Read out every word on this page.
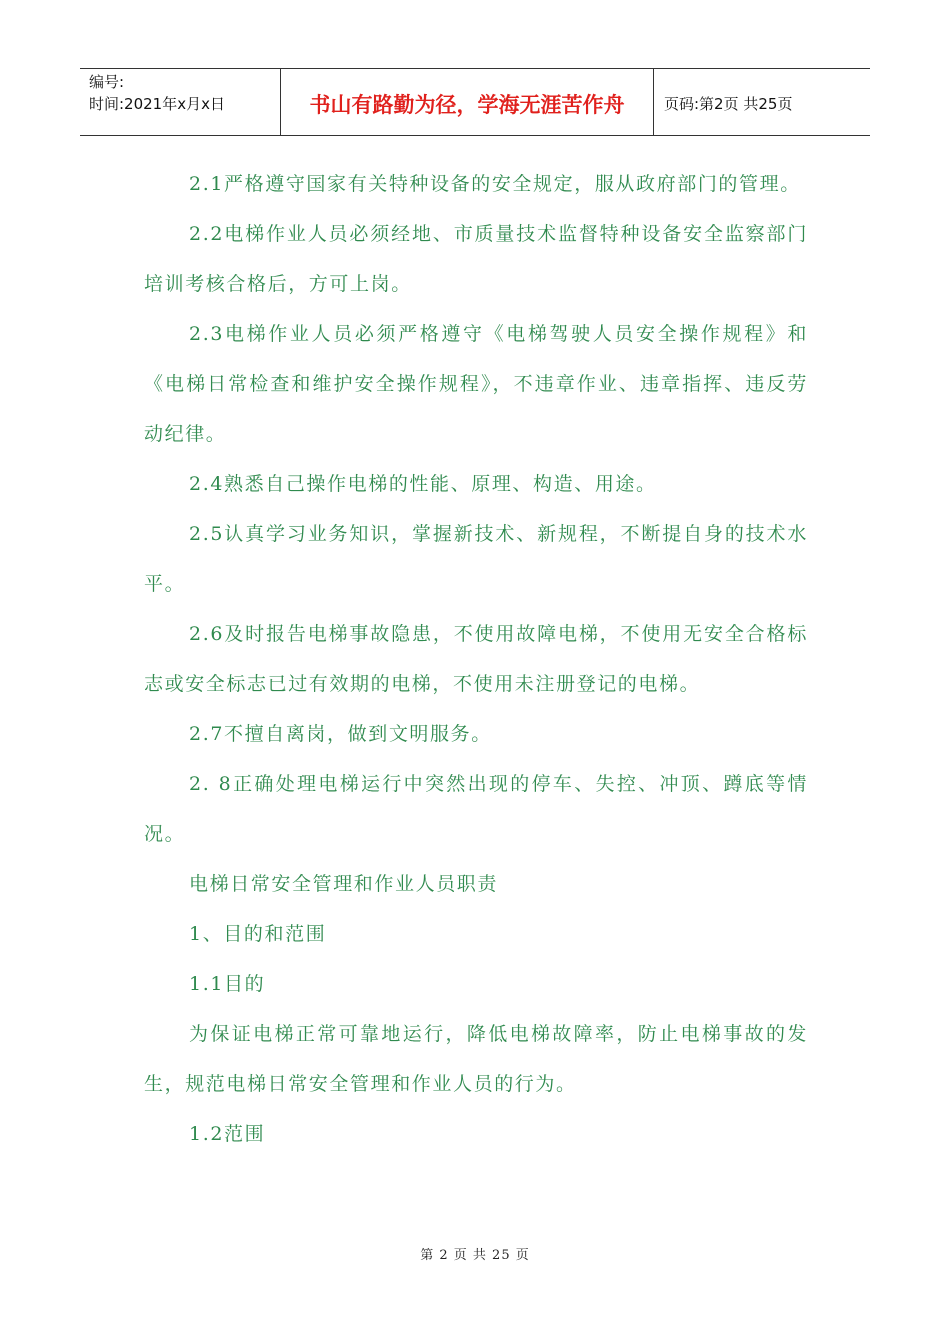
编号:
时间:2021年x月x日	书山有路勤为径，学海无涯苦作舟	页码:第2页 共25页

2.1严格遵守国家有关特种设备的安全规定，服从政府部门的管理。

2.2电梯作业人员必须经地、市质量技术监督特种设备安全监察部门培训考核合格后，方可上岗。

2.3电梯作业人员必须严格遵守《电梯驾驶人员安全操作规程》和《电梯日常检查和维护安全操作规程》，不违章作业、违章指挥、违反劳动纪律。

2.4熟悉自己操作电梯的性能、原理、构造、用途。

2.5认真学习业务知识，掌握新技术、新规程，不断提自身的技术水平。

2.6及时报告电梯事故隐患，不使用故障电梯，不使用无安全合格标志或安全标志已过有效期的电梯，不使用未注册登记的电梯。

2.7不擅自离岗，做到文明服务。

2. 8正确处理电梯运行中突然出现的停车、失控、冲顶、蹲底等情况。

电梯日常安全管理和作业人员职责

1、目的和范围

1.1目的

为保证电梯正常可靠地运行，降低电梯故障率，防止电梯事故的发生，规范电梯日常安全管理和作业人员的行为。

1.2范围

第 2 页 共 25 页
